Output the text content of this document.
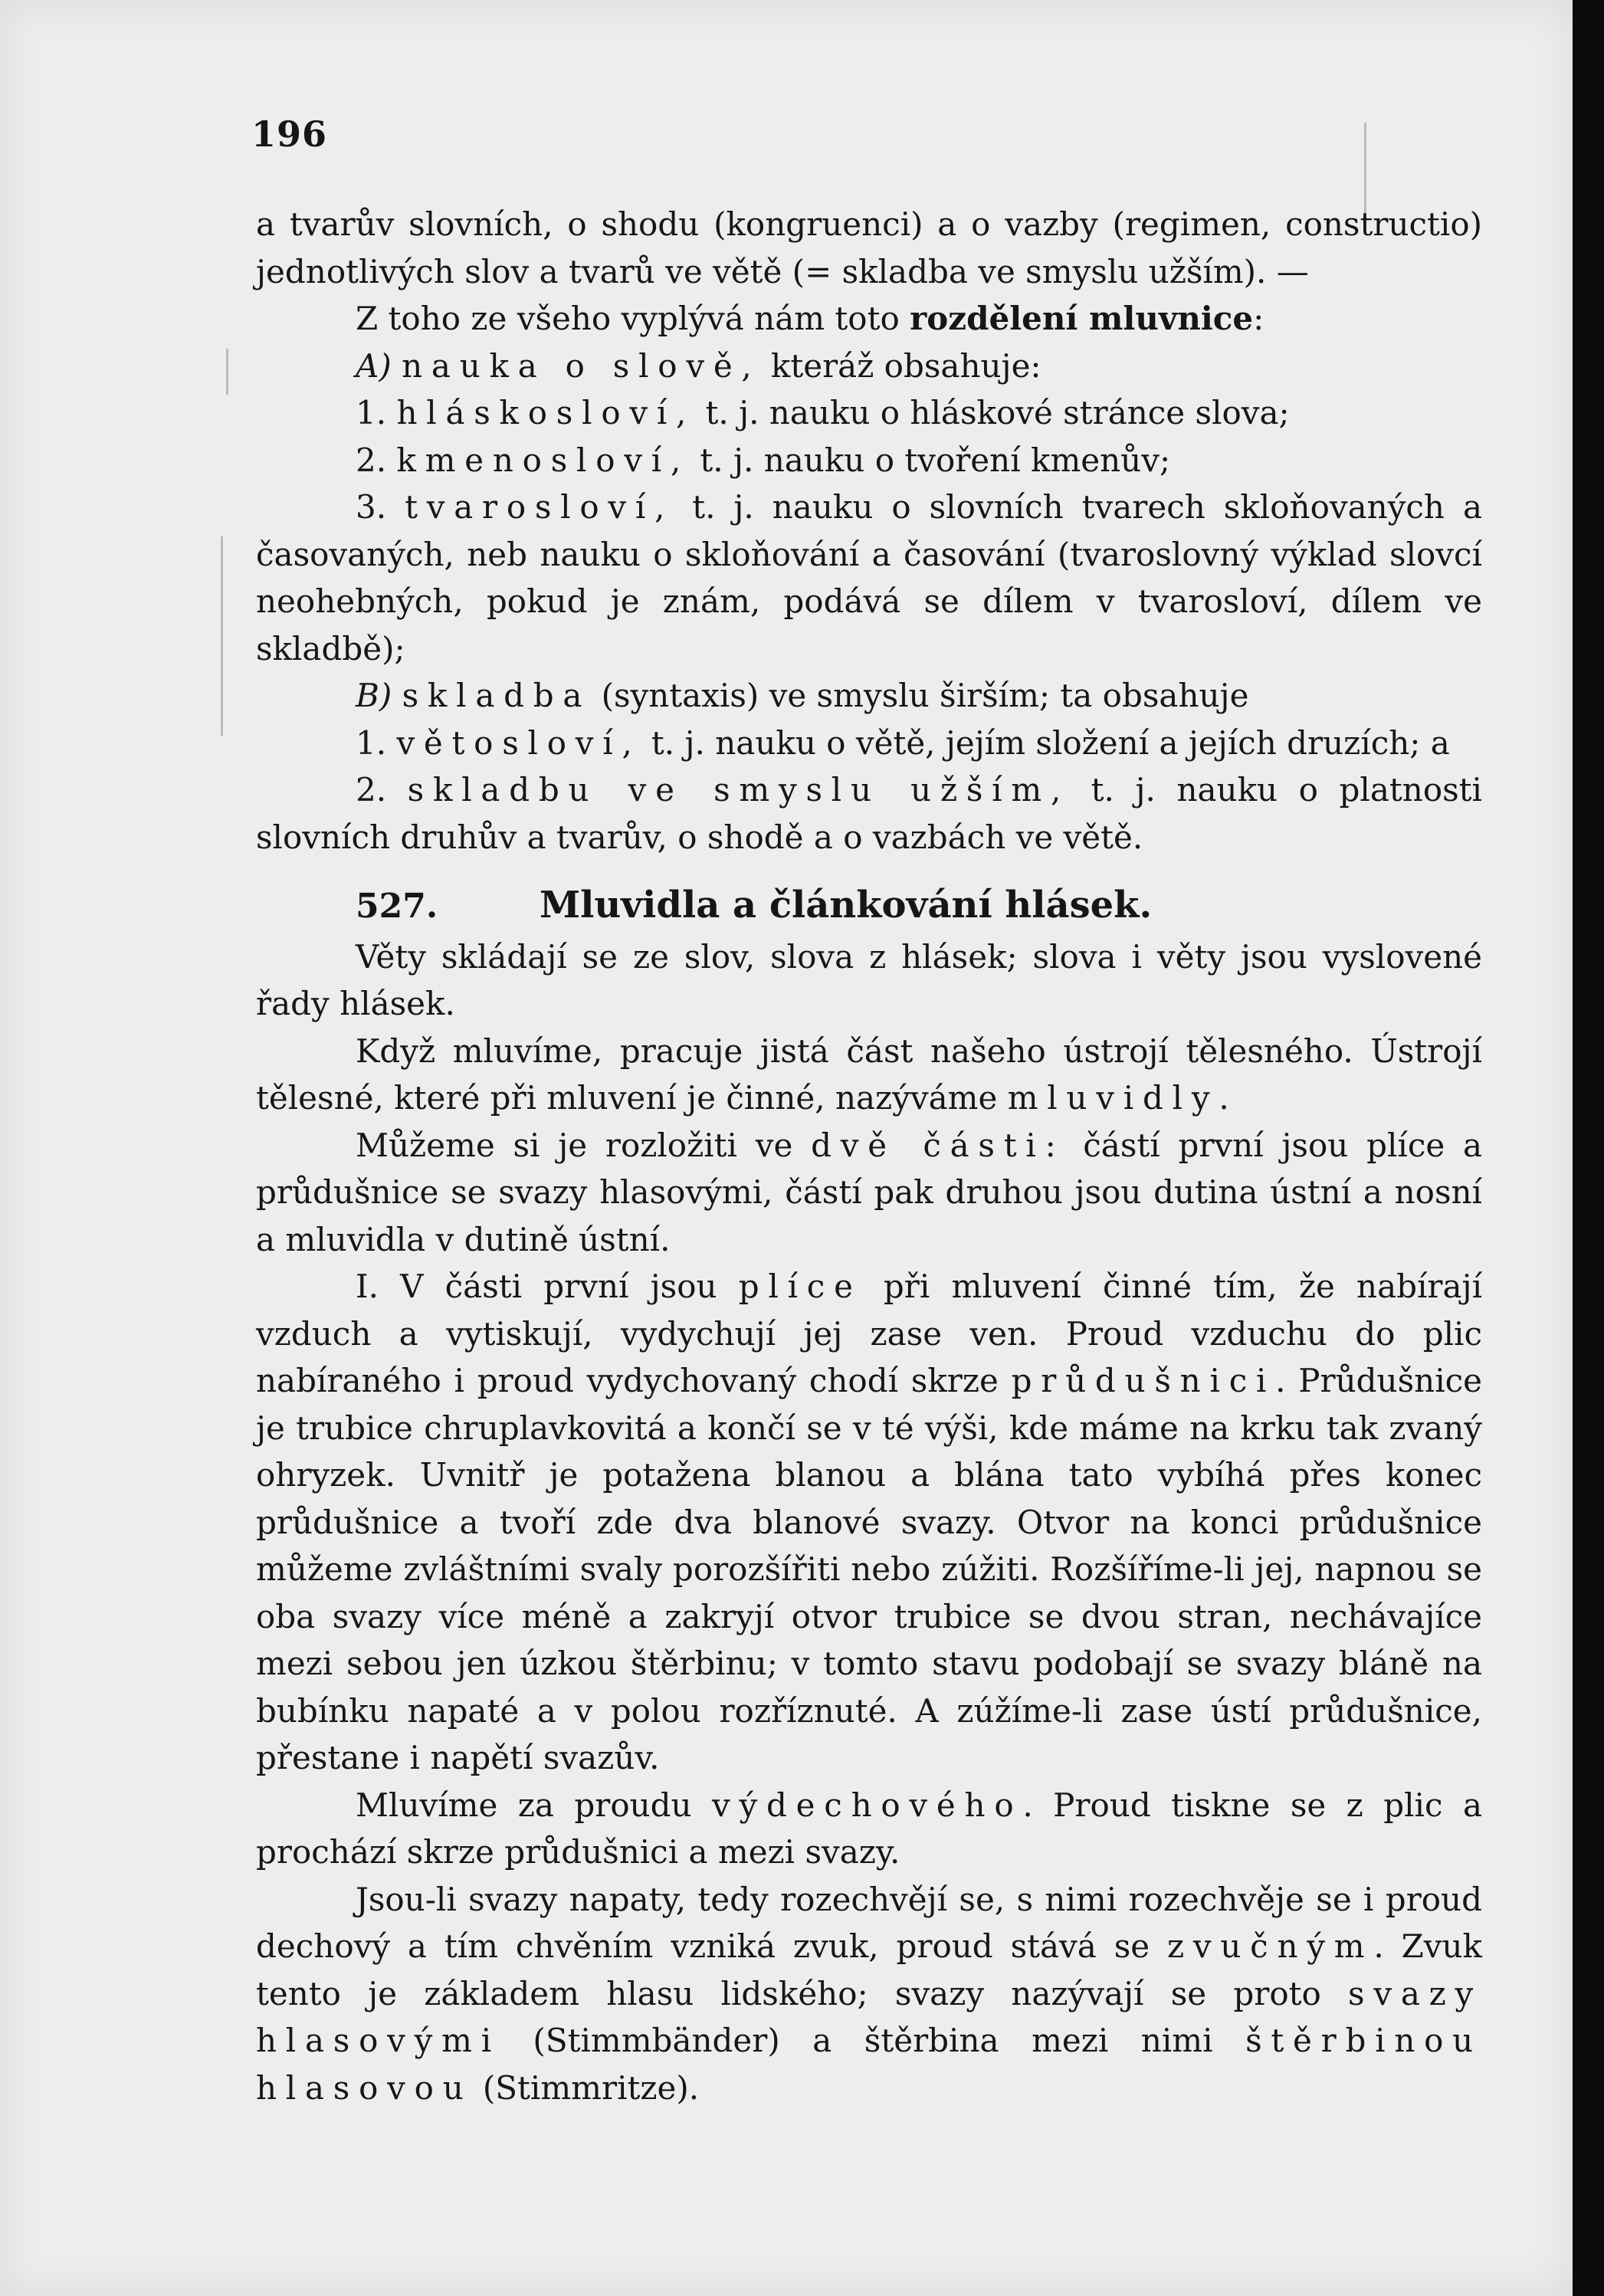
196

a tvarův slovních, o shodu (kongruenci) a o vazby (regimen, constructio) jednotlivých slov a tvarů ve větě (= skladba ve smyslu užším). —

Z toho ze všeho vyplývá nám toto rozdělení mluvnice:

A) nauka o slově, kteráž obsahuje:

1. hláskosloví, t. j. nauku o hláskové stránce slova;

2. kmenosloví, t. j. nauku o tvoření kmenův;

3. tvarosloví, t. j. nauku o slovních tvarech skloňovaných a časovaných, neb nauku o skloňování a časování (tvaroslovný výklad slovcí neohebných, pokud je znám, podává se dílem v tvarosloví, dílem ve skladbě);

B) skladba (syntaxis) ve smyslu širším; ta obsahuje

1. větosloví, t. j. nauku o větě, jejím složení a jejích druzích; a

2. skladbu ve smyslu užším, t. j. nauku o platnosti slovních druhův a tvarův, o shodě a o vazbách ve větě.

527.	Mluvidla a článkování hlásek.

Věty skládají se ze slov, slova z hlásek; slova i věty jsou vyslovené řady hlásek.

Když mluvíme, pracuje jistá část našeho ústrojí tělesného. Ústrojí tělesné, které při mluvení je činné, nazýváme mluvidly.

Můžeme si je rozložiti ve dvě části: částí první jsou plíce a průdušnice se svazy hlasovými, částí pak druhou jsou dutina ústní a nosní a mluvidla v dutině ústní.

I. V části první jsou plíce při mluvení činné tím, že nabírají vzduch a vytiskují, vydychují jej zase ven. Proud vzduchu do plic nabíraného i proud vydychovaný chodí skrze průdušnici. Průdušnice je trubice chruplavkovitá a končí se v té výši, kde máme na krku tak zvaný ohryzek. Uvnitř je potažena blanou a blána tato vybíhá přes konec průdušnice a tvoří zde dva blanové svazy. Otvor na konci průdušnice můžeme zvláštními svaly porozšířiti nebo zúžiti. Rozšíříme-li jej, napnou se oba svazy více méně a zakryjí otvor trubice se dvou stran, nechávajíce mezi sebou jen úzkou štěrbinu; v tomto stavu podobají se svazy bláně na bubínku napaté a v polou rozříznuté. A zúžíme-li zase ústí průdušnice, přestane i napětí svazův.

Mluvíme za proudu výdechového. Proud tiskne se z plic a prochází skrze průdušnici a mezi svazy.

Jsou-li svazy napaty, tedy rozechvějí se, s nimi rozechvěje se i proud dechový a tím chvěním vzniká zvuk, proud stává se zvučným. Zvuk tento je základem hlasu lidského; svazy nazývají se proto svazy hlasovými (Stimmbänder) a štěrbina mezi nimi štěrbinou hlasovou (Stimmritze).
